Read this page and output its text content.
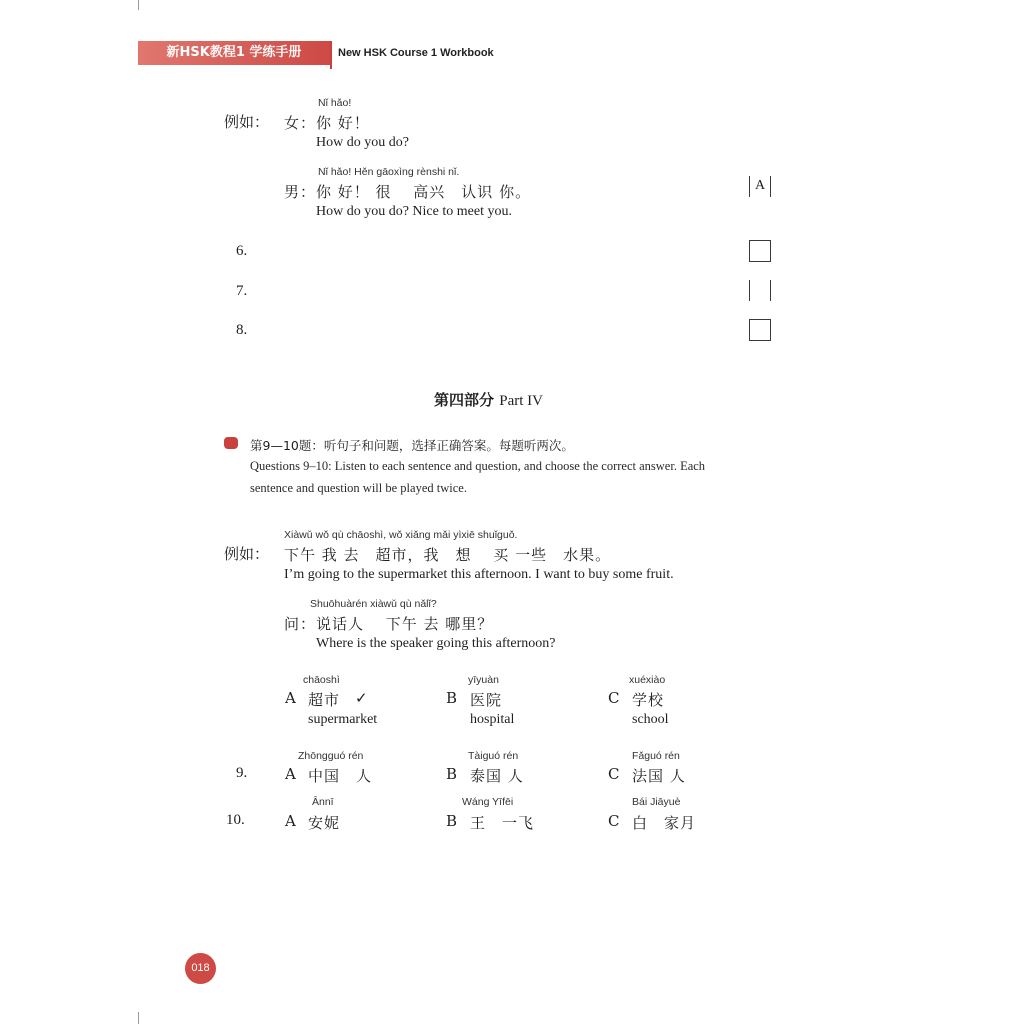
新HSK教程1 学练手册	New HSK Course 1 Workbook
例如：
Nǐ hǎo!
女： 你 好！
How do you do?
Nǐ hǎo! Hěn gāoxìng rènshi nǐ.
男： 你 好！ 很　 高兴　认识 你。
How do you do? Nice to meet you.
A
6.
7.
8.
第四部分 Part IV
第9—10题：听句子和问题，选择正确答案。每题听两次。
Questions 9–10: Listen to each sentence and question, and choose the correct answer. Each
sentence and question will be played twice.
例如：
Xiàwǔ wǒ qù chāoshì, wǒ xiǎng mǎi yìxiē shuǐguǒ.
下午 我 去　超市，我　想　 买 一些　水果。
I’m going to the supermarket this afternoon. I want to buy some fruit.
Shuōhuàrén xiàwǔ qù nǎlǐ?
问： 说话人　 下午 去 哪里？
Where is the speaker going this afternoon?
chāoshì
A 超市 ✓
supermarket
yīyuàn
B 医院
hospital
xuéxiào
C 学校
school
9.
Zhōngguó rén
A 中国　人
Tàiguó rén
B 泰国 人
Fǎguó rén
C 法国 人
10.
Ānnī
A 安妮
Wáng Yīfēi
B 王　一飞
Bái Jiāyuè
C 白　家月
018
